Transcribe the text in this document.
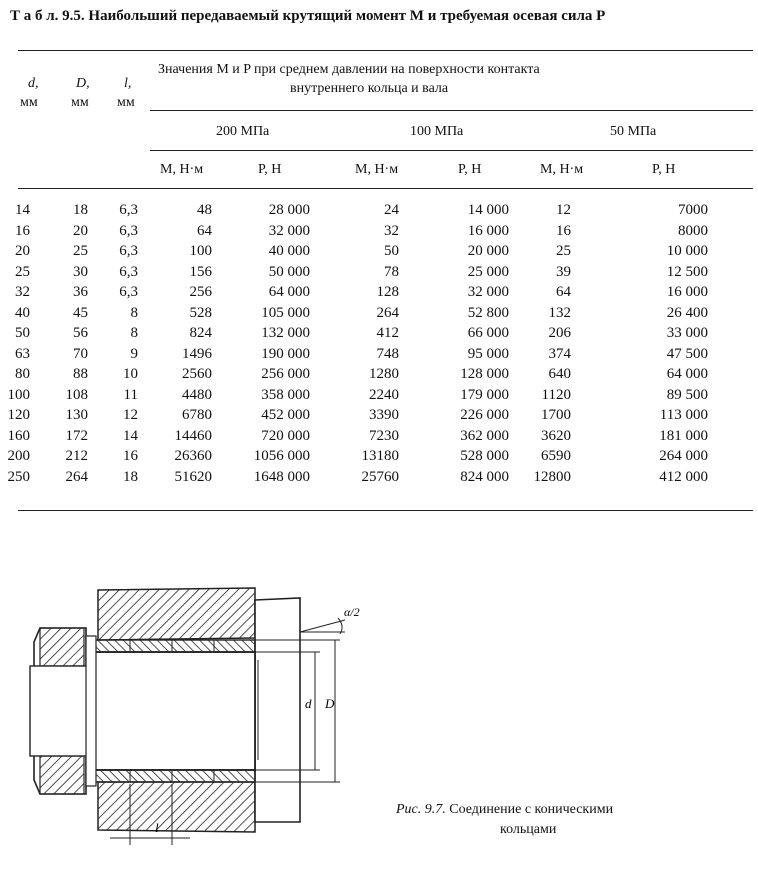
Т а б л. 9.5. Наибольший передаваемый крутящий момент M и требуемая осевая сила P
d,
мм
D,
мм
l,
мм
Значения M и P при среднем давлении на поверхности контакта
внутреннего кольца и вала
200 МПа	100 МПа	50 МПа
M, Н·м	P, Н	M, Н·м	P, Н	M, Н·м	P, Н
14	18	6,3	48	28 000	24	14 000	12	7000
16	20	6,3	64	32 000	32	16 000	16	8000
20	25	6,3	100	40 000	50	20 000	25	10 000
25	30	6,3	156	50 000	78	25 000	39	12 500
32	36	6,3	256	64 000	128	32 000	64	16 000
40	45	8	528	105 000	264	52 800	132	26 400
50	56	8	824	132 000	412	66 000	206	33 000
63	70	9	1496	190 000	748	95 000	374	47 500
80	88	10	2560	256 000	1280	128 000	640	64 000
100	108	11	4480	358 000	2240	179 000	1120	89 500
120	130	12	6780	452 000	3390	226 000	1700	113 000
160	172	14	14460	720 000	7230	362 000	3620	181 000
200	212	16	26360	1056 000	13180	528 000	6590	264 000
250	264	18	51620	1648 000	25760	824 000	12800	412 000
α/2
d D
l
Рис. 9.7. Соединение с коническими
кольцами
